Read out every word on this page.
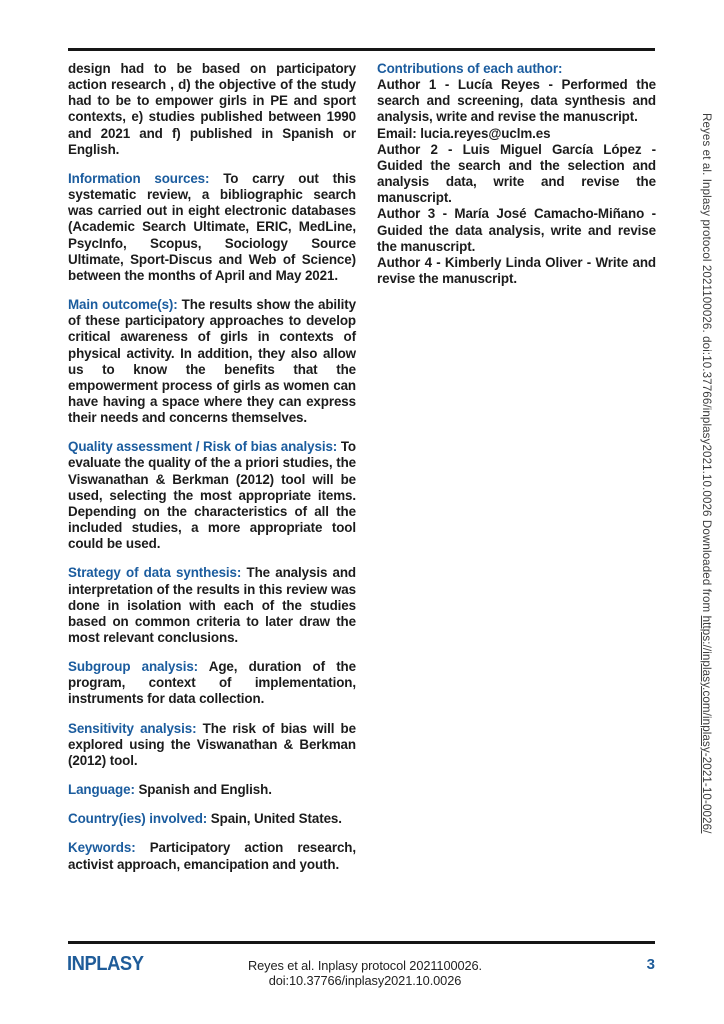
design had to be based on participatory action research , d) the objective of the study had to be to empower girls in PE and sport contexts, e) studies published between 1990 and 2021 and f) published in Spanish or English.

Information sources: To carry out this systematic review, a bibliographic search was carried out in eight electronic databases (Academic Search Ultimate, ERIC, MedLine, PsycInfo, Scopus, Sociology Source Ultimate, Sport-Discus and Web of Science) between the months of April and May 2021.

Main outcome(s): The results show the ability of these participatory approaches to develop critical awareness of girls in contexts of physical activity. In addition, they also allow us to know the benefits that the empowerment process of girls as women can have having a space where they can express their needs and concerns themselves.

Quality assessment / Risk of bias analysis: To evaluate the quality of the a priori studies, the Viswanathan & Berkman (2012) tool will be used, selecting the most appropriate items. Depending on the characteristics of all the included studies, a more appropriate tool could be used.

Strategy of data synthesis: The analysis and interpretation of the results in this review was done in isolation with each of the studies based on common criteria to later draw the most relevant conclusions.

Subgroup analysis: Age, duration of the program, context of implementation, instruments for data collection.

Sensitivity analysis: The risk of bias will be explored using the Viswanathan & Berkman (2012) tool.

Language: Spanish and English.

Country(ies) involved: Spain, United States.

Keywords: Participatory action research, activist approach, emancipation and youth.

Contributions of each author:

Author 1 - Lucía Reyes - Performed the search and screening, data synthesis and analysis, write and revise the manuscript.

Email: lucia.reyes@uclm.es

Author 2 - Luis Miguel García López - Guided the search and the selection and analysis data, write and revise the manuscript.

Author 3 - María José Camacho-Miñano - Guided the data analysis, write and revise the manuscript.

Author 4 - Kimberly Linda Oliver - Write and revise the manuscript.	Reyes et al. Inplasy protocol 2021100026. doi:10.37766/inplasy2021.10.0026 Downloaded from https://inplasy.com/inplasy-2021-10-0026/
INPLASY	Reyes et al. Inplasy protocol 2021100026. doi:10.37766/inplasy2021.10.0026
3
